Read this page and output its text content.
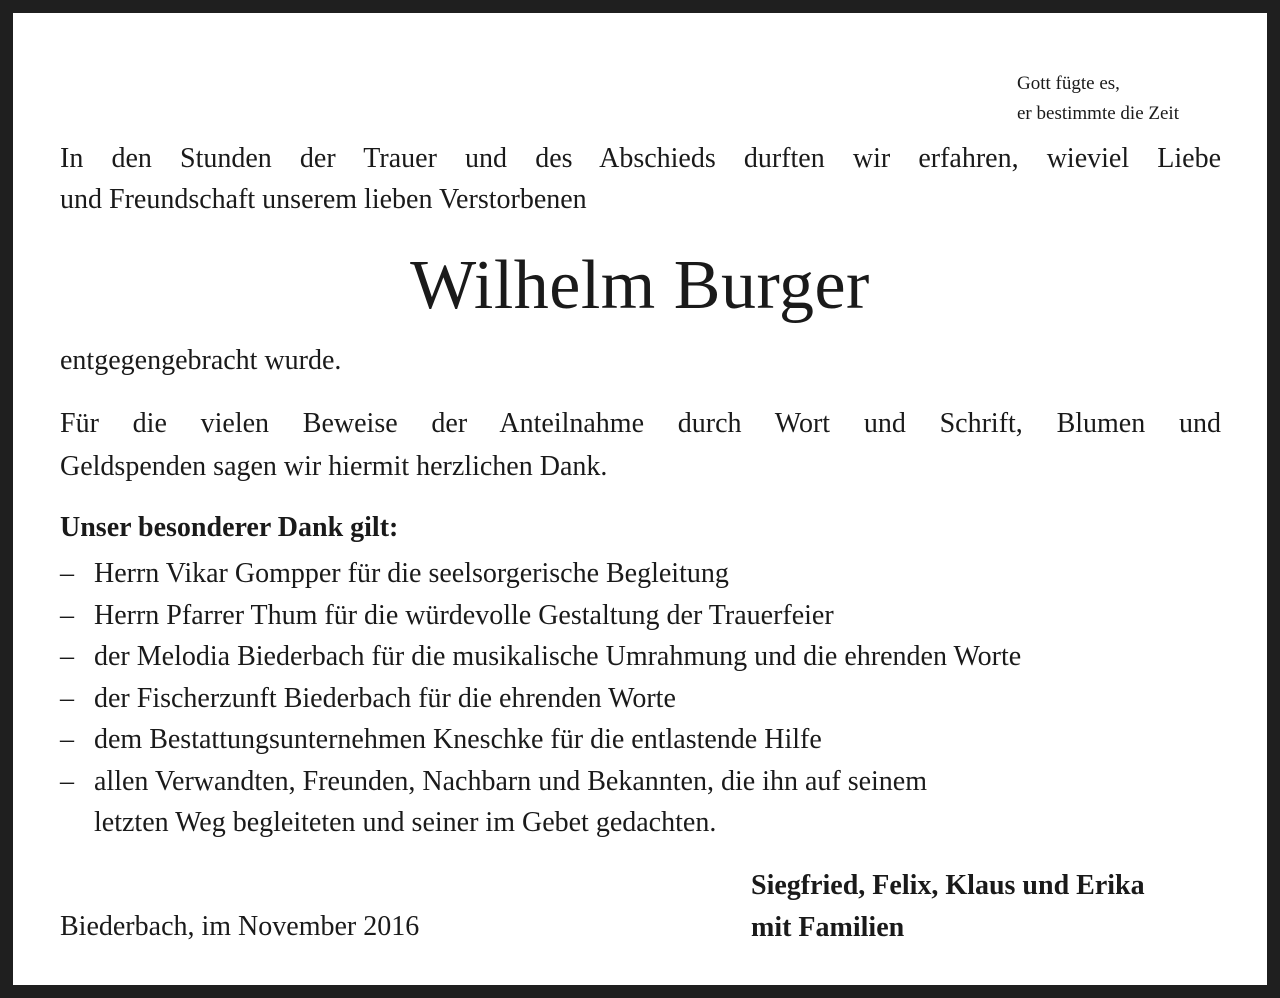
Gott fügte es,
er bestimmte die Zeit
In den Stunden der Trauer und des Abschieds durften wir erfahren, wieviel Liebe
und Freundschaft unserem lieben Verstorbenen
Wilhelm Burger
entgegengebracht wurde.
Für die vielen Beweise der Anteilnahme durch Wort und Schrift, Blumen und
Geldspenden sagen wir hiermit herzlichen Dank.
Unser besonderer Dank gilt:
– Herrn Vikar Gompper für die seelsorgerische Begleitung
– Herrn Pfarrer Thum für die würdevolle Gestaltung der Trauerfeier
– der Melodia Biederbach für die musikalische Umrahmung und die ehrenden Worte
– der Fischerzunft Biederbach für die ehrenden Worte
– dem Bestattungsunternehmen Kneschke für die entlastende Hilfe
– allen Verwandten, Freunden, Nachbarn und Bekannten, die ihn auf seinem
letzten Weg begleiteten und seiner im Gebet gedachten.
Biederbach, im November 2016
Siegfried, Felix, Klaus und Erika
mit Familien
